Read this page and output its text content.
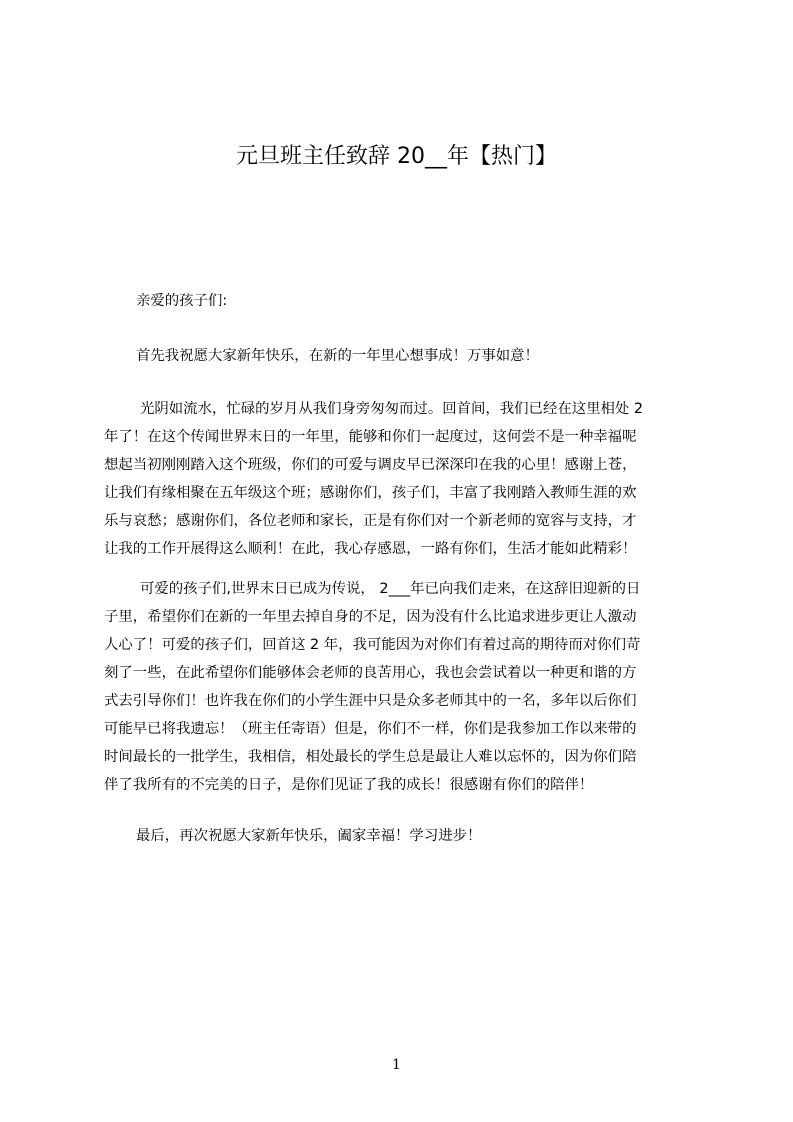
元旦班主任致辞 20__年【热门】

亲爱的孩子们:

首先我祝愿大家新年快乐，在新的一年里心想事成！万事如意！

光阴如流水，忙碌的岁月从我们身旁匆匆而过。回首间，我们已经在这里相处 2
年了！在这个传闻世界末日的一年里，能够和你们一起度过，这何尝不是一种幸福呢
想起当初刚刚踏入这个班级，你们的可爱与调皮早已深深印在我的心里！感谢上苍，
让我们有缘相聚在五年级这个班；感谢你们，孩子们，丰富了我刚踏入教师生涯的欢
乐与哀愁；感谢你们，各位老师和家长，正是有你们对一个新老师的宽容与支持，才
让我的工作开展得这么顺利！在此，我心存感恩，一路有你们，生活才能如此精彩！
可爱的孩子们,世界末日已成为传说， 2___年已向我们走来，在这辞旧迎新的日
子里，希望你们在新的一年里去掉自身的不足，因为没有什么比追求进步更让人激动
人心了！可爱的孩子们，回首这 2 年，我可能因为对你们有着过高的期待而对你们苛
刻了一些，在此希望你们能够体会老师的良苦用心，我也会尝试着以一种更和谐的方
式去引导你们！也许我在你们的小学生涯中只是众多老师其中的一名，多年以后你们
可能早已将我遗忘！（班主任寄语）但是，你们不一样，你们是我参加工作以来带的
时间最长的一批学生，我相信，相处最长的学生总是最让人难以忘怀的，因为你们陪
伴了我所有的不完美的日子，是你们见证了我的成长！很感谢有你们的陪伴！

最后，再次祝愿大家新年快乐，阖家幸福！学习进步！

1
